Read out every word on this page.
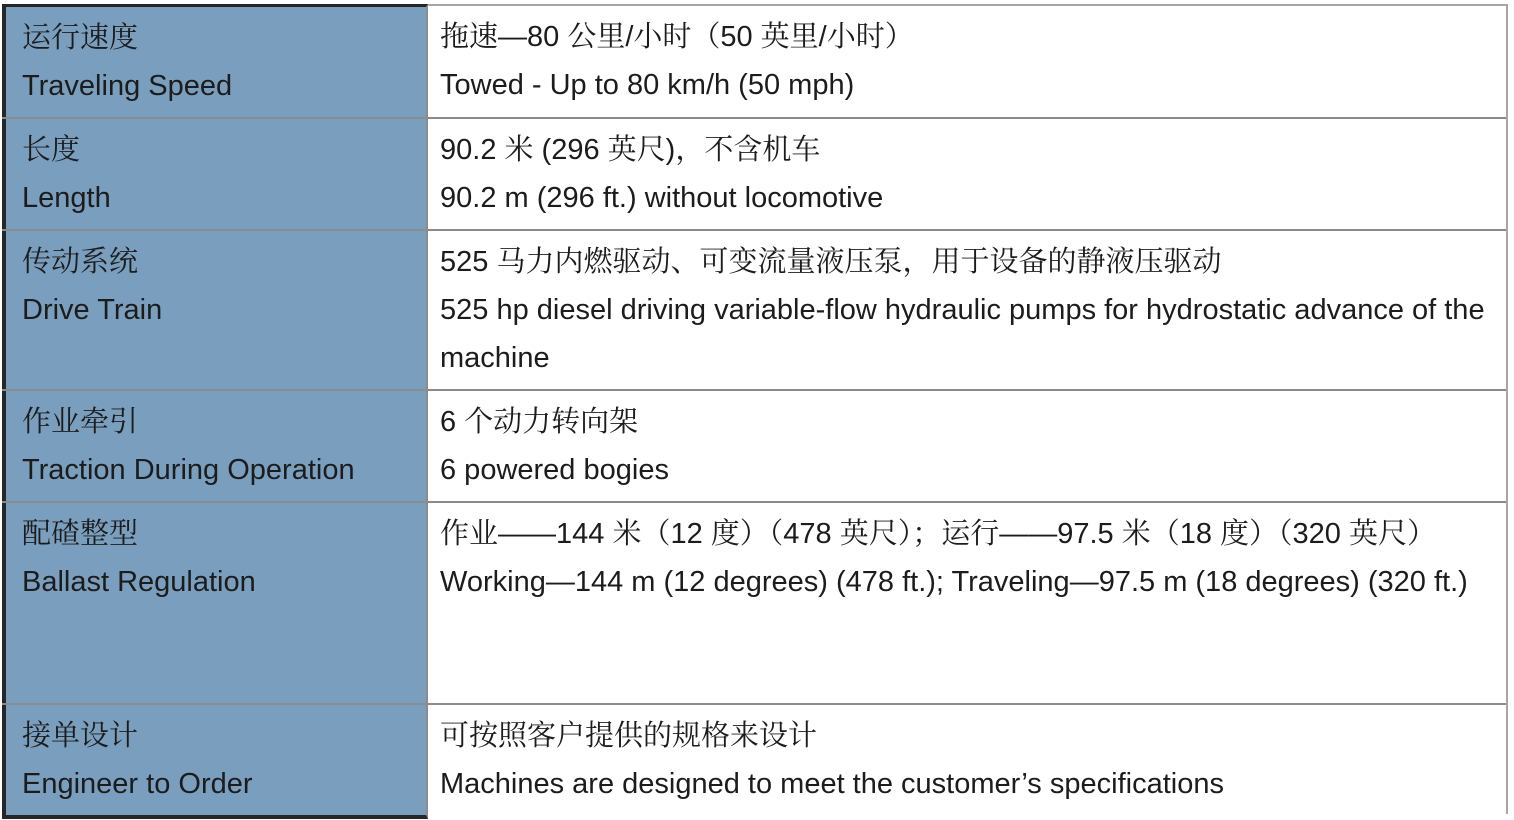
运行速度
Traveling Speed
拖速—80 公里/小时（50 英里/小时）
Towed - Up to 80 km/h (50 mph)
长度
Length
90.2 米 (296 英尺)，不含机车
90.2 m (296 ft.) without locomotive
传动系统
Drive Train
525 马力内燃驱动、可变流量液压泵，用于设备的静液压驱动
525 hp diesel driving variable-flow hydraulic pumps for hydrostatic advance of the machine
作业牵引
Traction During Operation
6 个动力转向架
6 powered bogies
配碴整型
Ballast Regulation
作业——144 米（12 度）（478 英尺）；运行——97.5 米（18 度）（320 英尺）
Working—144 m (12 degrees) (478 ft.); Traveling—97.5 m (18 degrees) (320 ft.)
接单设计
Engineer to Order
可按照客户提供的规格来设计
Machines are designed to meet the customer’s specifications
